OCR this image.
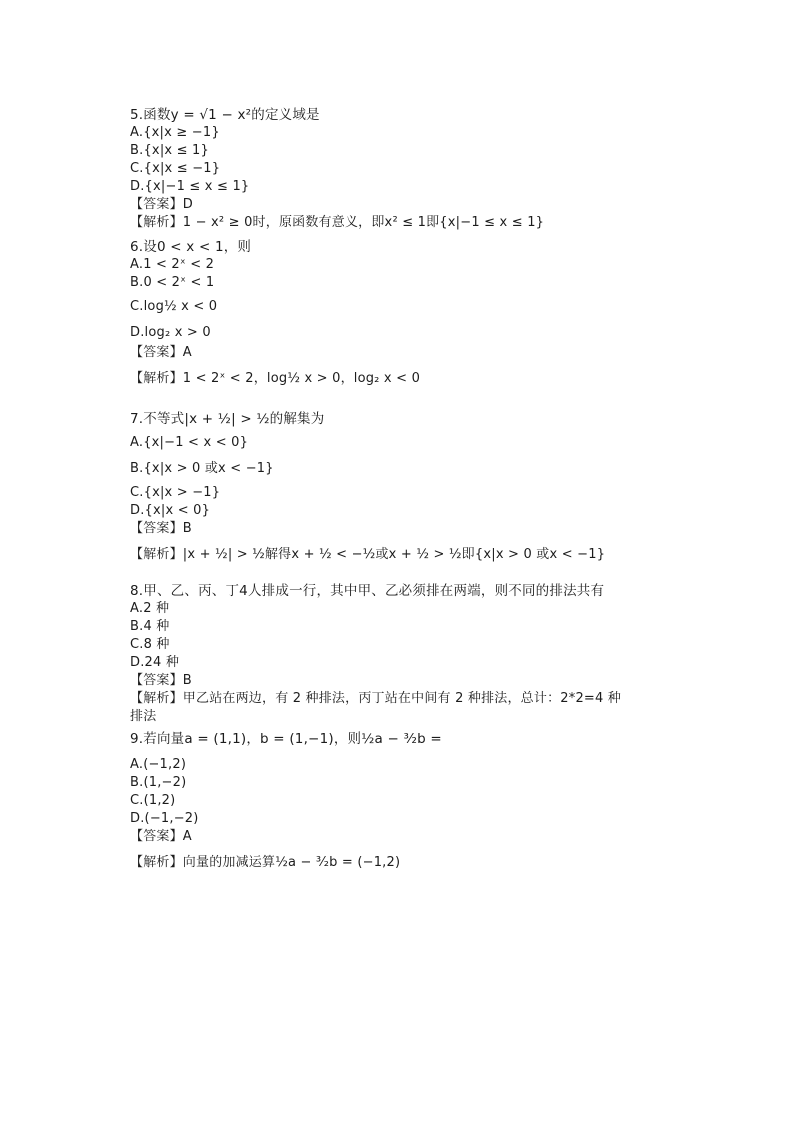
5.函数y = √1 − x²的定义域是
A.{x|x ≥ −1}
B.{x|x ≤ 1}
C.{x|x ≤ −1}
D.{x|−1 ≤ x ≤ 1}
【答案】D
【解析】1 − x² ≥ 0时，原函数有意义，即x² ≤ 1即{x|−1 ≤ x ≤ 1}
6.设0 < x < 1，则
A.1 < 2ˣ < 2
B.0 < 2ˣ < 1
C.log½ x < 0
D.log₂ x > 0
【答案】A
【解析】1 < 2ˣ < 2，log½ x > 0，log₂ x < 0
7.不等式|x + ½| > ½的解集为
A.{x|−1 < x < 0}
B.{x|x > 0 或x < −1}
C.{x|x > −1}
D.{x|x < 0}
【答案】B
【解析】|x + ½| > ½解得x + ½ < −½或x + ½ > ½即{x|x > 0 或x < −1}
8.甲、乙、丙、丁4人排成一行，其中甲、乙必须排在两端，则不同的排法共有
A.2 种
B.4 种
C.8 种
D.24 种
【答案】B
【解析】甲乙站在两边，有 2 种排法，丙丁站在中间有 2 种排法，总计：2*2=4 种排法
9.若向量a = (1,1)，b = (1,−1)，则½a − ³⁄₂b =
A.(−1,2)
B.(1,−2)
C.(1,2)
D.(−1,−2)
【答案】A
【解析】向量的加减运算½a − ³⁄₂b = (−1,2)
